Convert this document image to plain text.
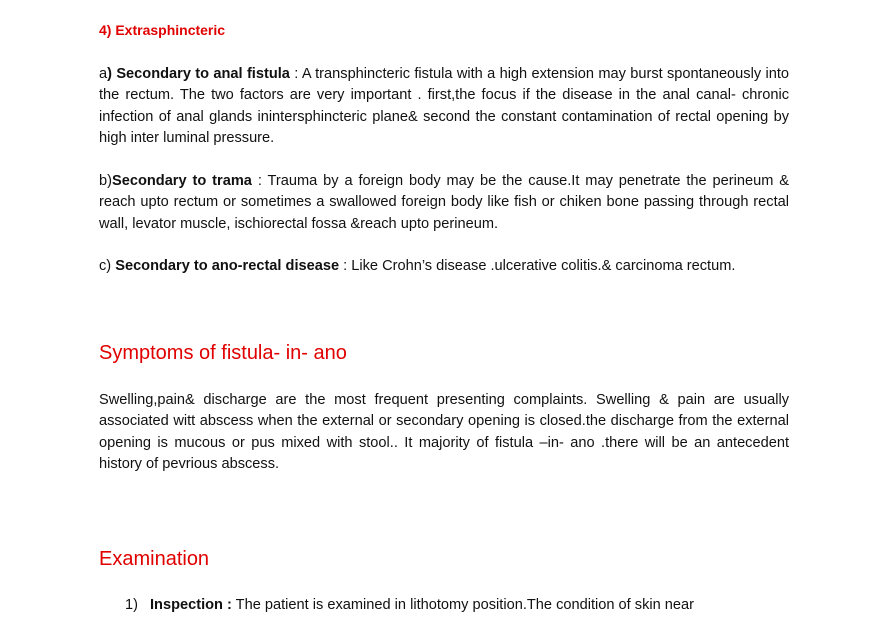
4) Extrasphincteric

a) Secondary to anal fistula : A transphincteric fistula with a high extension may burst spontaneously into the rectum. The two factors are very important . first,the focus if the disease in the anal canal- chronic infection of anal glands inintersphincteric plane& second the constant contamination of rectal opening by high inter luminal pressure.

b)Secondary to trama : Trauma by a foreign body may be the cause.It may penetrate the perineum & reach upto rectum or sometimes a swallowed foreign body like fish or chiken bone passing through rectal wall, levator muscle, ischiorectal fossa &reach upto perineum.

c) Secondary to ano-rectal disease : Like Crohn’s disease .ulcerative colitis.& carcinoma rectum.

Symptoms of fistula- in- ano

Swelling,pain& discharge are the most frequent presenting complaints. Swelling & pain are usually associated witt abscess when the external or secondary opening is closed.the discharge from the external opening is mucous or pus mixed with stool.. It majority of fistula –in- ano .there will be an antecedent history of pevrious abscess.

Examination

1) Inspection : The patient is examined in lithotomy position.The condition of skin near
